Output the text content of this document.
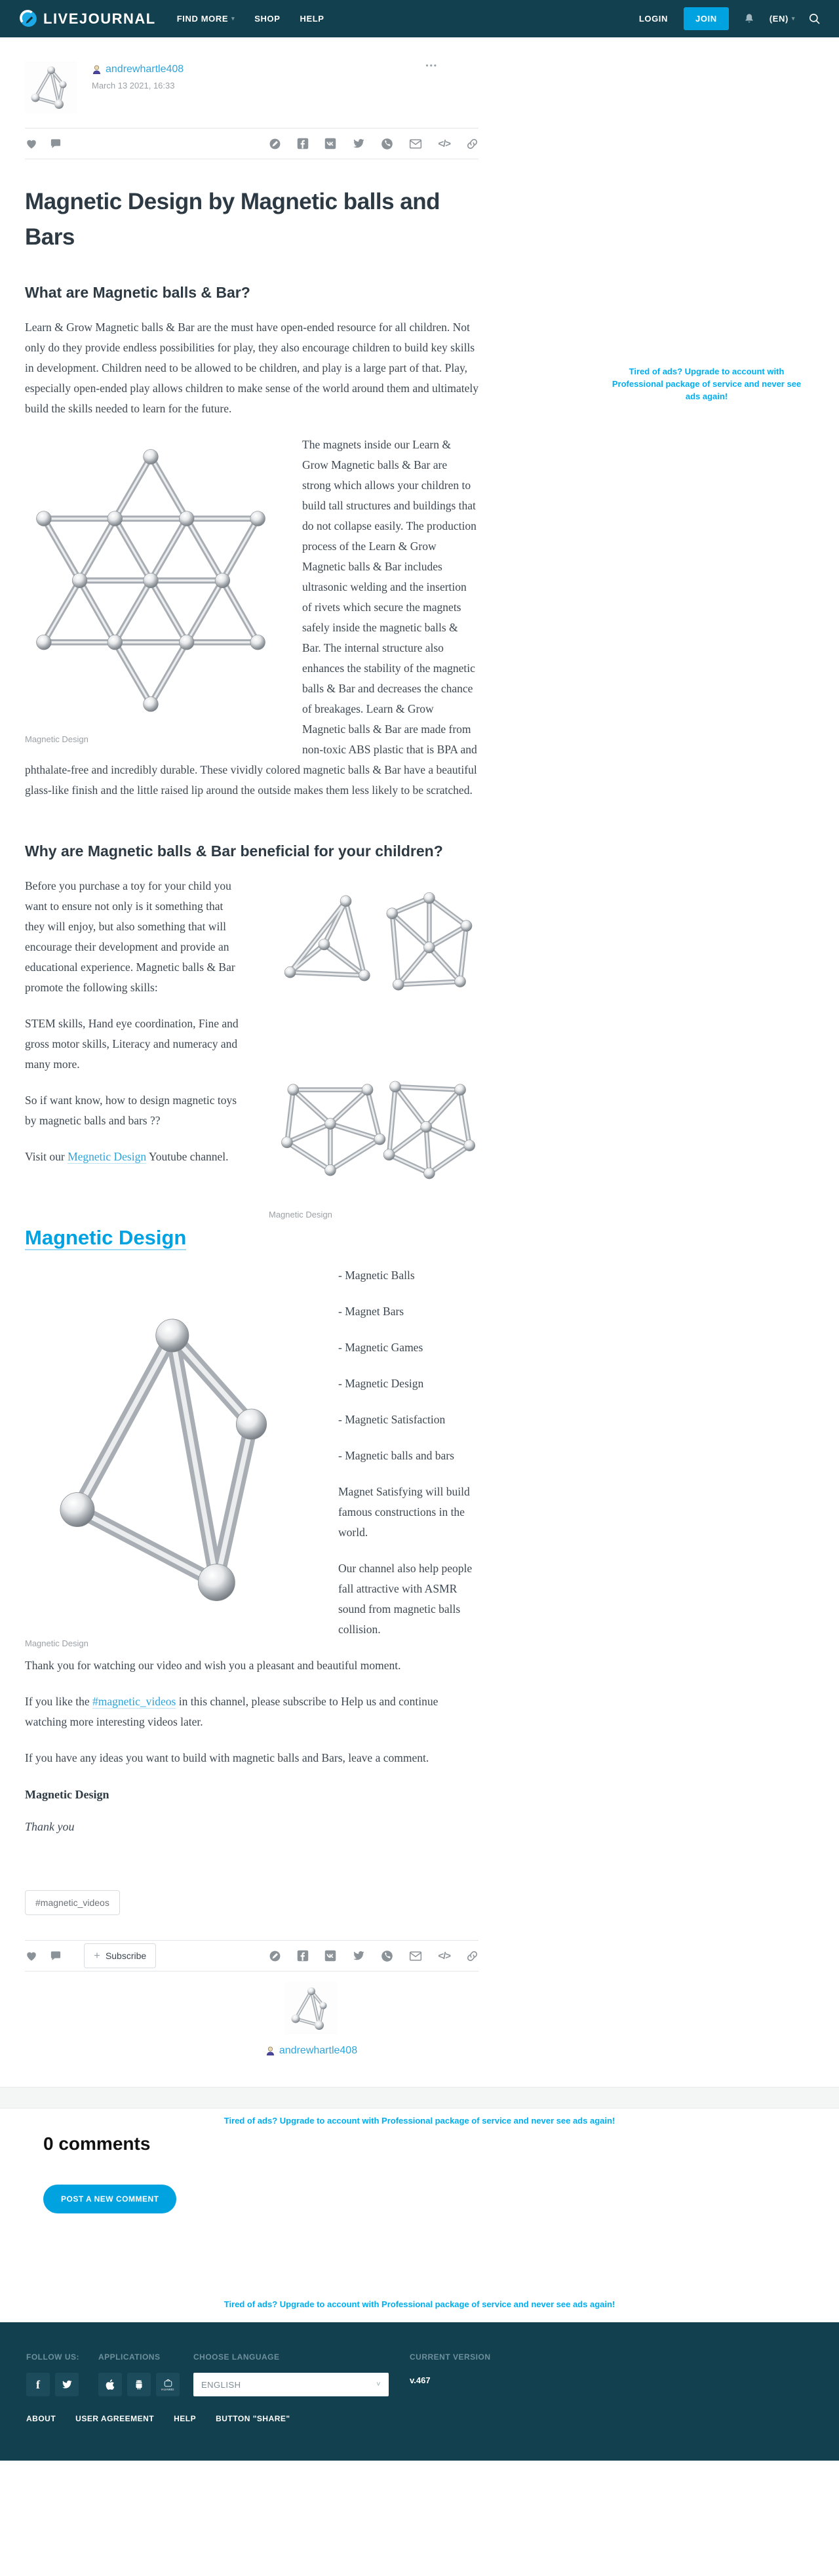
LIVEJOURNAL FIND MORE ▾ SHOP HELP	LOGIN	JOIN	(EN) ▾
andrewhartle408
March 13 2021, 16:33
•••
</>
Magnetic Design by Magnetic balls and Bars
What are Magnetic balls & Bar?

Learn & Grow Magnetic balls & Bar are the must have open-ended resource for all children. Not only do they provide endless possibilities for play, they also encourage children to build key skills in development. Children need to be allowed to be children, and play is a large part of that. Play, especially open-ended play allows children to make sense of the world around them and ultimately build the skills needed to learn for the future.

Magnetic Design

The magnets inside our Learn & Grow Magnetic balls & Bar are strong which allows your children to build tall structures and buildings that do not collapse easily. The production process of the Learn & Grow Magnetic balls & Bar includes ultrasonic welding and the insertion of rivets which secure the magnets safely inside the magnetic balls & Bar. The internal structure also enhances the stability of the magnetic balls & Bar and decreases the chance of breakages. Learn & Grow Magnetic balls & Bar are made from non-toxic ABS plastic that is BPA and phthalate-free and incredibly durable. These vividly colored magnetic balls & Bar have a beautiful glass-like finish and the little raised lip around the outside makes them less likely to be scratched.

Why are Magnetic balls & Bar beneficial for your children?
Magnetic Design

Before you purchase a toy for your child you want to ensure not only is it something that they will enjoy, but also something that will encourage their development and provide an educational experience. Magnetic balls & Bar promote the following skills:

STEM skills, Hand eye coordination, Fine and gross motor skills, Literacy and numeracy and many more.

So if want know, how to design magnetic toys by magnetic balls and bars ??

Visit our Megnetic Design Youtube channel.

Magnetic Design
Magnetic Design

- Magnetic Balls

- Magnet Bars

- Magnetic Games

- Magnetic Design

- Magnetic Satisfaction

- Magnetic balls and bars

Magnet Satisfying will build famous constructions in the world.

Our channel also help people fall attractive with ASMR sound from magnetic balls collision.

Thank you for watching our video and wish you a pleasant and beautiful moment.

If you like the #magnetic_videos in this channel, please subscribe to Help us and continue watching more interesting videos later.

If you have any ideas you want to build with magnetic balls and Bars, leave a comment.

Magnetic Design

Thank you

#magnetic_videos
+ Subscribe	</>
andrewhartle408
Tired of ads? Upgrade to account with Professional package of service and never see ads again!
Tired of ads? Upgrade to account with Professional package of service and never see ads again!
0 comments
POST A NEW COMMENT
Tired of ads? Upgrade to account with Professional package of service and never see ads again!
FOLLOW US:
f
APPLICATIONS
HUAWEI
CHOOSE LANGUAGE
ENGLISH	˅
CURRENT VERSION
v.467
ABOUT	USER AGREEMENT	HELP	BUTTON "SHARE"
